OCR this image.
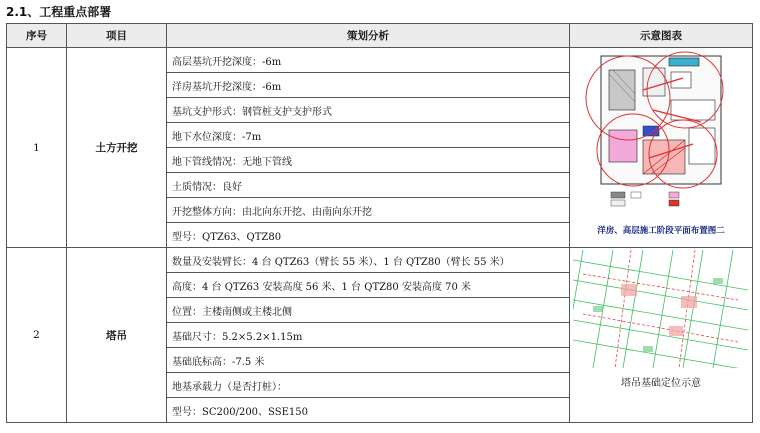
2.1、工程重点部署
序号	项目	策划分析	示意图表
1	土方开挖	高层基坑开挖深度：-6m	洋房、高层施工阶段平面布置图二

		洋房基坑开挖深度：-6m	
		基坑支护形式：钢管桩支护支护形式	
		地下水位深度：-7m	
		地下管线情况：无地下管线	
		土质情况：良好	
		开挖整体方向：由北向东开挖、由南向东开挖	
		型号：QTZ63、QTZ80	
2	塔吊	数量及安装臂长：4 台 QTZ63（臂长 55 米）、1 台 QTZ80（臂长 55 米）	塔吊基础定位示意

		高度：4 台 QTZ63 安装高度 56 米、1 台 QTZ80 安装高度 70 米	
		位置：主楼南侧或主楼北侧	
		基础尺寸：5.2×5.2×1.15m	
		基础底标高：-7.5 米	
		地基承载力（是否打桩）：	
		型号：SC200/200、SSE150	
